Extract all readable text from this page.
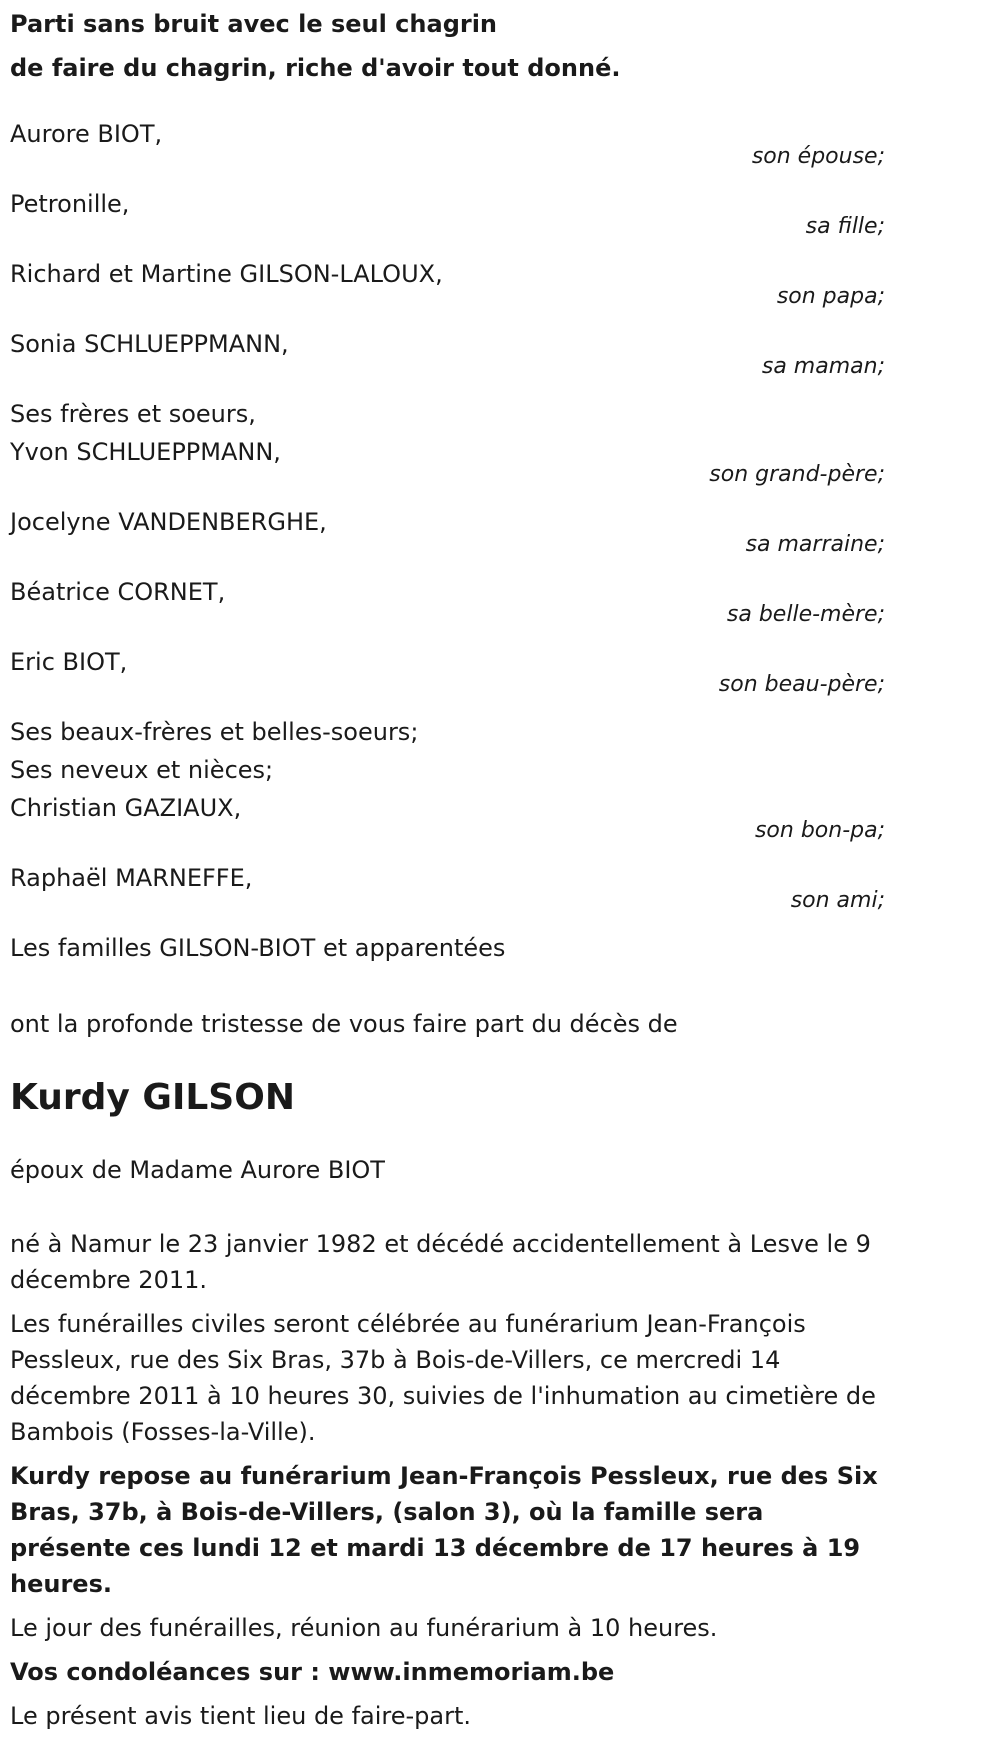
Parti sans bruit avec le seul chagrin
de faire du chagrin, riche d'avoir tout donné.
Aurore BIOT,
son épouse;
Petronille,
sa fille;
Richard et Martine GILSON-LALOUX,
son papa;
Sonia SCHLUEPPMANN,
sa maman;
Ses frères et soeurs,
Yvon SCHLUEPPMANN,
son grand-père;
Jocelyne VANDENBERGHE,
sa marraine;
Béatrice CORNET,
sa belle-mère;
Eric BIOT,
son beau-père;
Ses beaux-frères et belles-soeurs;
Ses neveux et nièces;
Christian GAZIAUX,
son bon-pa;
Raphaël MARNEFFE,
son ami;
Les familles GILSON-BIOT et apparentées
ont la profonde tristesse de vous faire part du décès de
Kurdy GILSON
époux de Madame Aurore BIOT
né à Namur le 23 janvier 1982 et décédé accidentellement à Lesve le 9 décembre 2011.
Les funérailles civiles seront célébrée au funérarium Jean-François Pessleux, rue des Six Bras, 37b à Bois-de-Villers, ce mercredi 14 décembre 2011 à 10 heures 30, suivies de l'inhumation au cimetière de Bambois (Fosses-la-Ville).
Kurdy repose au funérarium Jean-François Pessleux, rue des Six Bras, 37b, à Bois-de-Villers, (salon 3), où la famille sera présente ces lundi 12 et mardi 13 décembre de 17 heures à 19 heures.
Le jour des funérailles, réunion au funérarium à 10 heures.
Vos condoléances sur : www.inmemoriam.be
Le présent avis tient lieu de faire-part.
